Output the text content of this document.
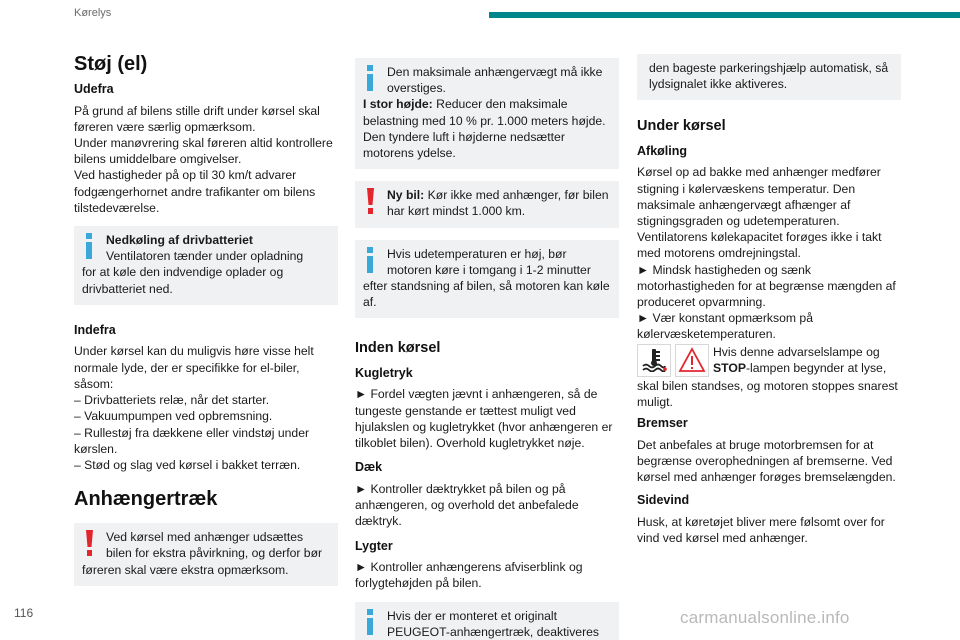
Kørelys
Støj (el)
Udefra
På grund af bilens stille drift under kørsel skal føreren være særlig opmærksom.
Under manøvrering skal føreren altid kontrollere bilens umiddelbare omgivelser.
Ved hastigheder på op til 30 km/t advarer fodgængerhornet andre trafikanter om bilens tilstedeværelse.
Nedkøling af drivbatteriet
Ventilatoren tænder under opladning
for at køle den indvendige oplader og drivbatteriet ned.
Indefra
Under kørsel kan du muligvis høre visse helt normale lyde, der er specifikke for el-biler, såsom:
– Drivbatteriets relæ, når det starter.
– Vakuumpumpen ved opbremsning.
– Rullestøj fra dækkene eller vindstøj under kørslen.
– Stød og slag ved kørsel i bakket terræn.
Anhængertræk
Ved kørsel med anhænger udsættes
bilen for ekstra påvirkning, og derfor bør
føreren skal være ekstra opmærksom.
Den maksimale anhængervægt må ikke
overstiges.
I stor højde: Reducer den maksimale belastning med 10 % pr. 1.000 meters højde. Den tyndere luft i højderne nedsætter motorens ydelse.
Ny bil: Kør ikke med anhænger, før bilen
har kørt mindst 1.000 km.
Hvis udetemperaturen er høj, bør
motoren køre i tomgang i 1-2 minutter
efter standsning af bilen, så motoren kan køle af.
Inden kørsel
Kugletryk
► Fordel vægten jævnt i anhængeren, så de tungeste genstande er tættest muligt ved hjulakslen og kugletrykket (hvor anhængeren er tilkoblet bilen). Overhold kugletrykket nøje.
Dæk
► Kontroller dæktrykket på bilen og på anhængeren, og overhold det anbefalede dæktryk.
Lygter
► Kontroller anhængerens afviserblink og forlygtehøjden på bilen.
Hvis der er monteret et originalt
PEUGEOT-anhængertræk, deaktiveres
den bageste parkeringshjælp automatisk, så lydsignalet ikke aktiveres.
Under kørsel
Afkøling
Kørsel op ad bakke med anhænger medfører stigning i kølervæskens temperatur. Den maksimale anhængervægt afhænger af stigningsgraden og udetemperaturen. Ventilatorens kølekapacitet forøges ikke i takt med motorens omdrejningstal.
► Mindsk hastigheden og sænk motorhastigheden for at begrænse mængden af produceret opvarmning.
► Vær konstant opmærksom på kølervæsketemperaturen.
Hvis denne advarselslampe og
STOP-lampen begynder at lyse,
skal bilen standses, og motoren stoppes snarest muligt.
Bremser
Det anbefales at bruge motorbremsen for at begrænse overophedningen af bremserne. Ved kørsel med anhænger forøges bremselængden.
Sidevind
Husk, at køretøjet bliver mere følsomt over for vind ved kørsel med anhænger.
116	carmanualsonline.info
